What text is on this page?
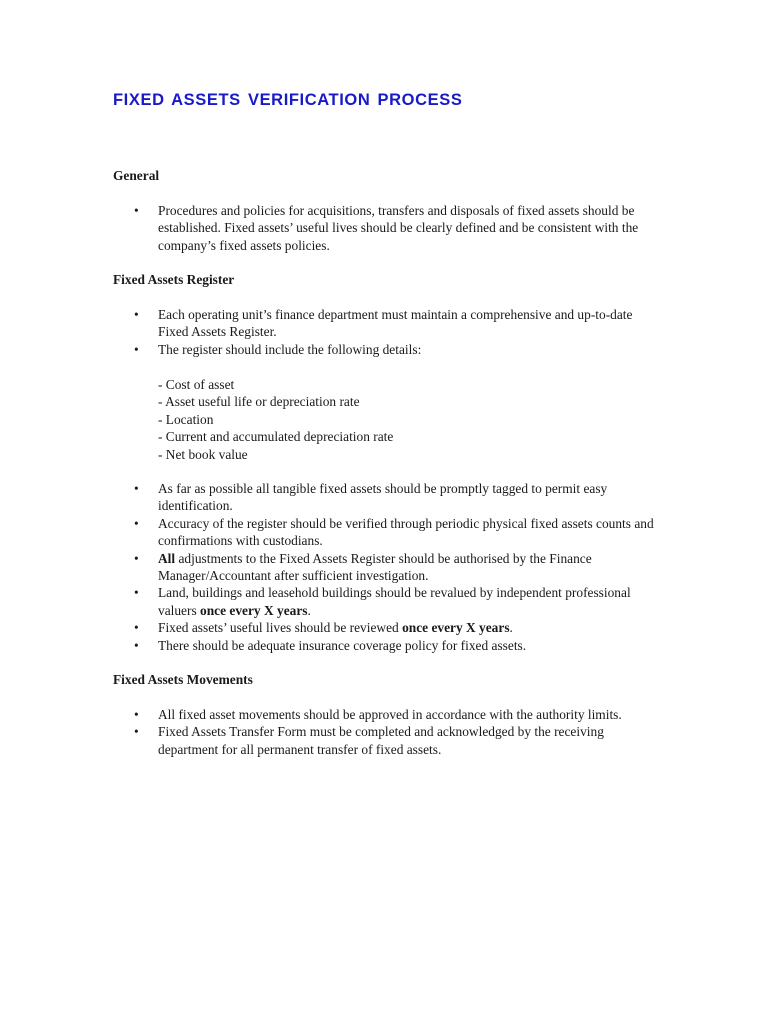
FIXED ASSETS VERIFICATION PROCESS
General
• Procedures and policies for acquisitions, transfers and disposals of fixed assets should be established. Fixed assets’ useful lives should be clearly defined and be consistent with the company’s fixed assets policies.
Fixed Assets Register
• Each operating unit’s finance department must maintain a comprehensive and up-to-date Fixed Assets Register.
• The register should include the following details:
- Cost of asset
- Asset useful life or depreciation rate
- Location
- Current and accumulated depreciation rate
- Net book value
• As far as possible all tangible fixed assets should be promptly tagged to permit easy identification.
• Accuracy of the register should be verified through periodic physical fixed assets counts and confirmations with custodians.
• All adjustments to the Fixed Assets Register should be authorised by the Finance Manager/Accountant after sufficient investigation.
• Land, buildings and leasehold buildings should be revalued by independent professional valuers once every X years.
• Fixed assets’ useful lives should be reviewed once every X years.
• There should be adequate insurance coverage policy for fixed assets.
Fixed Assets Movements
• All fixed asset movements should be approved in accordance with the authority limits.
• Fixed Assets Transfer Form must be completed and acknowledged by the receiving department for all permanent transfer of fixed assets.
